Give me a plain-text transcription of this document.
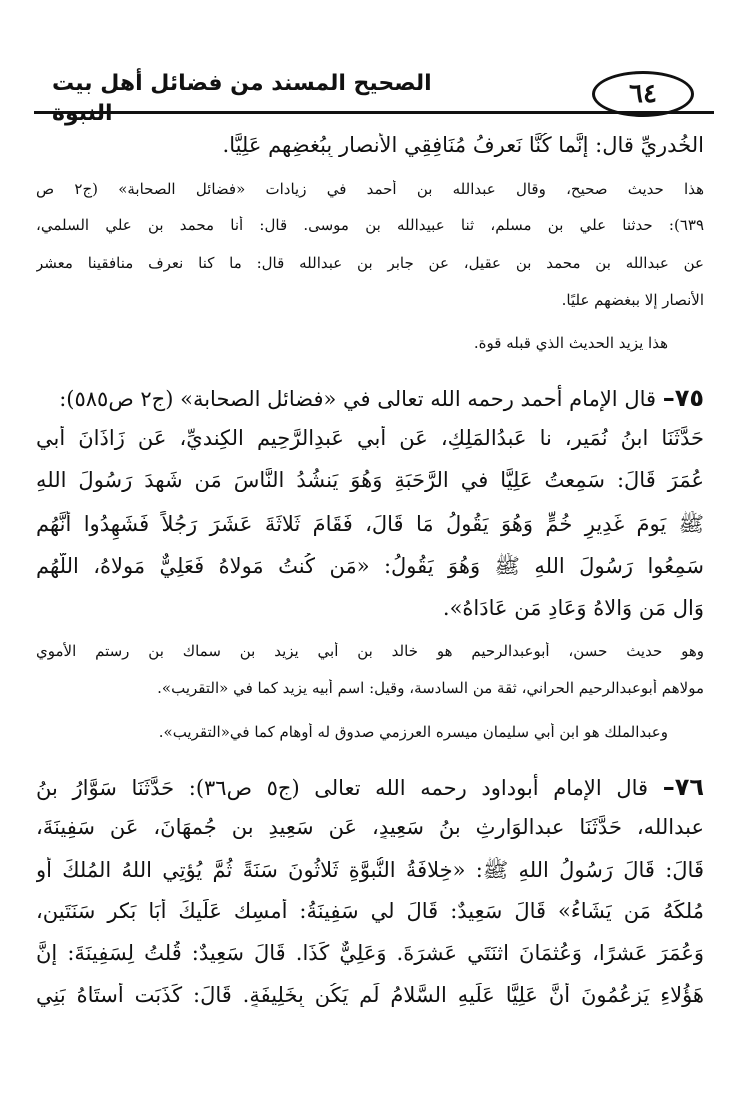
٦٤
الصحيح المسند من فضائل أهل بيت النبوة
الخُدريِّ قال: إِنَّما كُنَّا نَعرِفُ مُنَافِقِي الأنصارِ بِبُغضِهِم عَلِيًّا.
هذا حديث صحيح، وقال عبدالله بن أحمد في زيادات «فضائل الصحابة» (ج٢ ص
٦٣٩): حدثنا علي بن مسلم، ثنا عبيدالله بن موسى. قال: أنا محمد بن علي السلمي،
عن عبدالله بن محمد بن عقيل، عن جابر بن عبدالله قال: ما كنا نعرف منافقينا معشر
الأنصار إلا ببغضهم عليًا.
هذا يزيد الحديث الذي قبله قوة.
٧٥– قال الإمام أحمد رحمه الله تعالى في «فضائل الصحابة» (ج٢ ص٥٨٥):
حَدَّثَنَا ابنُ نُمَيرٍ، نا عَبدُالمَلِكِ، عَن أَبي عَبدِالرَّحِيمِ الكِنديِّ، عَن زَاذَانَ أَبي
عُمَرَ قَالَ: سَمِعتُ عَلِيًّا في الرَّحَبَةِ وَهُوَ يَنشُدُ النَّاسَ مَن شَهِدَ رَسُولَ اللهِ
ﷺ يَومَ غَدِيرِ خُمٍّ وَهُوَ يَقُولُ مَا قَالَ، فَقَامَ ثَلاثَةَ عَشَرَ رَجُلاً فَشَهِدُوا أَنَّهُم
سَمِعُوا رَسُولَ اللهِ ﷺ وَهُوَ يَقُولُ: «مَن كُنتُ مَولاهُ فَعَلِيٌّ مَولاهُ، اللَّهُم
وَالِ مَن وَالاهُ وَعَادِ مَن عَادَاهُ».
وهو حديث حسن، أبوعبدالرحيم هو خالد بن أبي يزيد بن سماك بن رستم الأموي
مولاهم أبوعبدالرحيم الحراني، ثقة من السادسة، وقيل: اسم أبيه يزيد كما في «التقريب».
وعبدالملك هو ابن أبي سليمان ميسره العرزمي صدوق له أوهام كما في«التقريب».
٧٦– قال الإمام أبوداود رحمه الله تعالى (ج٥ ص٣٦): حَدَّثَنَا سَوَّارُ بنُ
عبدالله، حَدَّثَنَا عبدالوَارِثِ بنُ سَعِيدٍ، عَن سَعِيدِ بنِ جُمهَانَ، عَن سَفِينَةَ،
قَالَ: قَالَ رَسُولُ اللهِ ﷺ: «خِلافَةُ النُّبوَّةِ ثَلاثُونَ سَنَةً ثُمَّ يُؤتِي اللهُ المُلكَ أَو
مُلكَهُ مَن يَشَاءُ» قَالَ سَعِيدٌ: قَالَ لي سَفِينَةُ: أَمسِك عَلَيكَ أَبَا بَكرٍ سَنَتَينِ،
وَعُمَرَ عَشرًا، وَعُثمَانَ اثنَتَي عَشرَةَ. وَعَلِيٌّ كَذَا. قَالَ سَعِيدٌ: قُلتُ لِسَفِينَةَ: إِنَّ
هَؤُلاءِ يَزعُمُونَ أَنَّ عَلِيًّا عَلَيهِ السَّلامُ لَم يَكُن بِخَلِيفَةٍ. قَالَ: كَذَبَت أَستَاهُ بَنِي
